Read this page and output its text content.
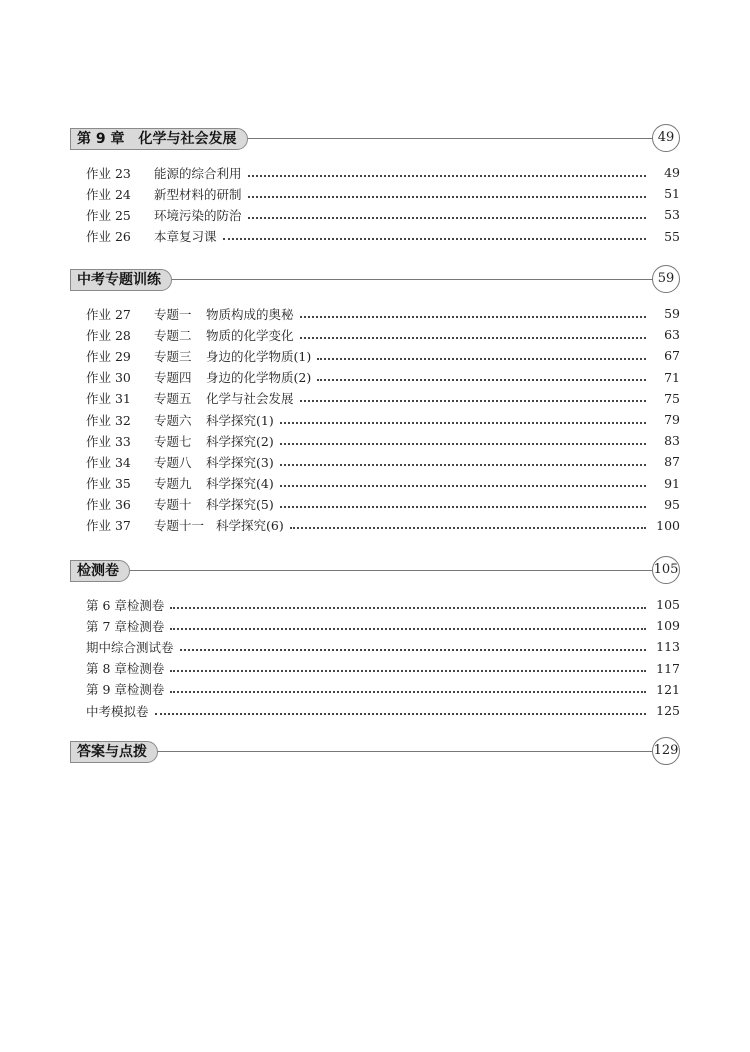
第 9 章　化学与社会发展	49
作业 23	能源的综合利用	49
作业 24	新型材料的研制	51
作业 25	环境污染的防治	53
作业 26	本章复习课	55
中考专题训练	59
作业 27	专题一	物质构成的奥秘	59
作业 28	专题二	物质的化学变化	63
作业 29	专题三	身边的化学物质(1)	67
作业 30	专题四	身边的化学物质(2)	71
作业 31	专题五	化学与社会发展	75
作业 32	专题六	科学探究(1)	79
作业 33	专题七	科学探究(2)	83
作业 34	专题八	科学探究(3)	87
作业 35	专题九	科学探究(4)	91
作业 36	专题十	科学探究(5)	95
作业 37	专题十一 科学探究(6)	100
检测卷	105
第 6 章检测卷	105
第 7 章检测卷	109
期中综合测试卷	113
第 8 章检测卷	117
第 9 章检测卷	121
中考模拟卷	125
答案与点拨	129
